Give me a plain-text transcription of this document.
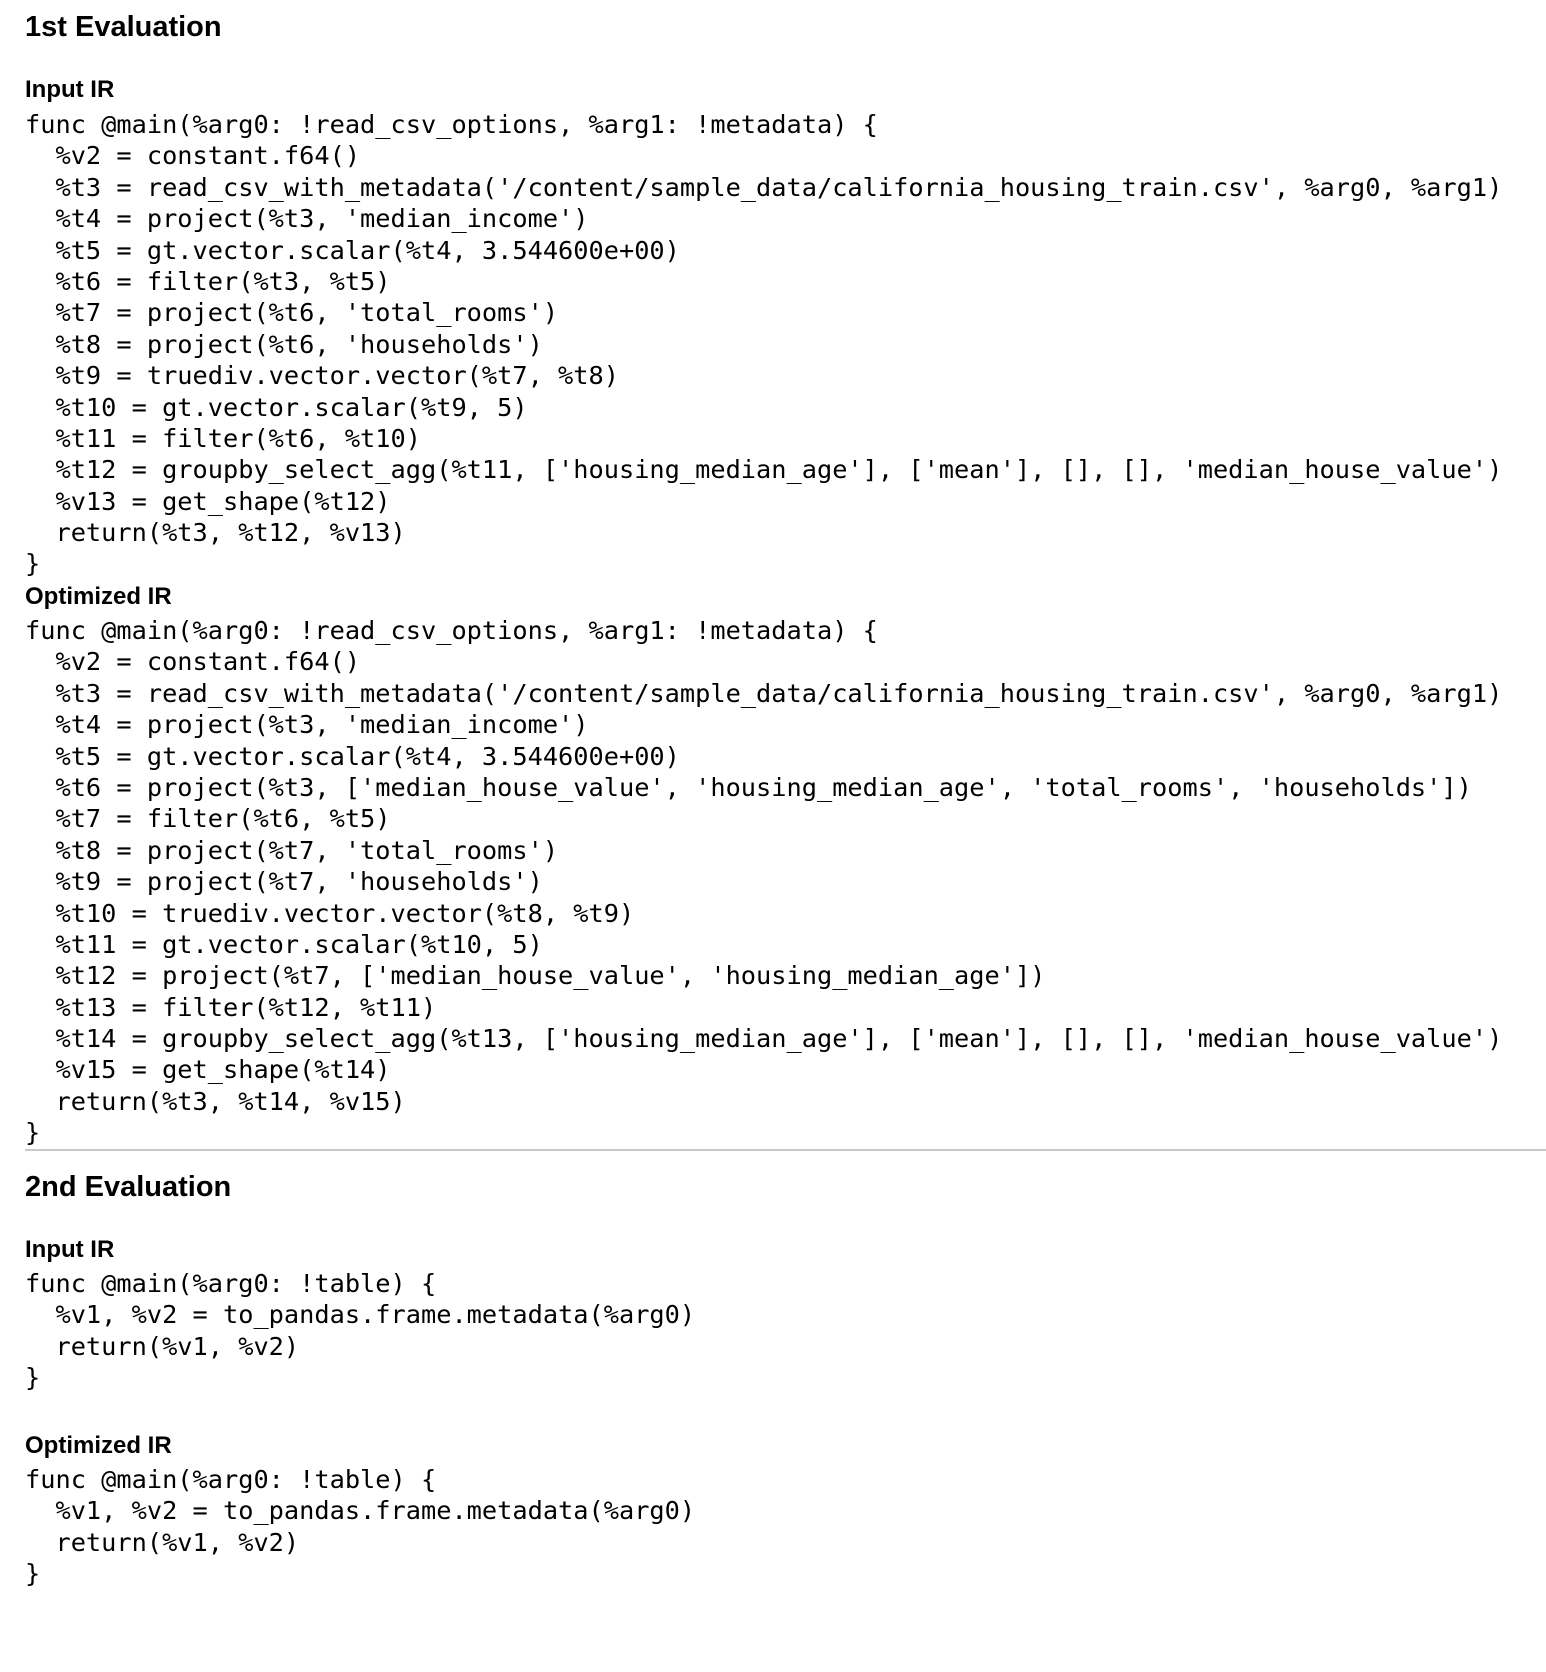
1st Evaluation
Input IR
func @main(%arg0: !read_csv_options, %arg1: !metadata) {
%v2 = constant.f64()
%t3 = read_csv_with_metadata('/content/sample_data/california_housing_train.csv', %arg0, %arg1)
%t4 = project(%t3, 'median_income')
%t5 = gt.vector.scalar(%t4, 3.544600e+00)
%t6 = filter(%t3, %t5)
%t7 = project(%t6, 'total_rooms')
%t8 = project(%t6, 'households')
%t9 = truediv.vector.vector(%t7, %t8)
%t10 = gt.vector.scalar(%t9, 5)
%t11 = filter(%t6, %t10)
%t12 = groupby_select_agg(%t11, ['housing_median_age'], ['mean'], [], [], 'median_house_value')
%v13 = get_shape(%t12)
return(%t3, %t12, %v13)
}
Optimized IR
func @main(%arg0: !read_csv_options, %arg1: !metadata) {
%v2 = constant.f64()
%t3 = read_csv_with_metadata('/content/sample_data/california_housing_train.csv', %arg0, %arg1)
%t4 = project(%t3, 'median_income')
%t5 = gt.vector.scalar(%t4, 3.544600e+00)
%t6 = project(%t3, ['median_house_value', 'housing_median_age', 'total_rooms', 'households'])
%t7 = filter(%t6, %t5)
%t8 = project(%t7, 'total_rooms')
%t9 = project(%t7, 'households')
%t10 = truediv.vector.vector(%t8, %t9)
%t11 = gt.vector.scalar(%t10, 5)
%t12 = project(%t7, ['median_house_value', 'housing_median_age'])
%t13 = filter(%t12, %t11)
%t14 = groupby_select_agg(%t13, ['housing_median_age'], ['mean'], [], [], 'median_house_value')
%v15 = get_shape(%t14)
return(%t3, %t14, %v15)
}
2nd Evaluation
Input IR
func @main(%arg0: !table) {
%v1, %v2 = to_pandas.frame.metadata(%arg0)
return(%v1, %v2)
}
Optimized IR
func @main(%arg0: !table) {
%v1, %v2 = to_pandas.frame.metadata(%arg0)
return(%v1, %v2)
}
